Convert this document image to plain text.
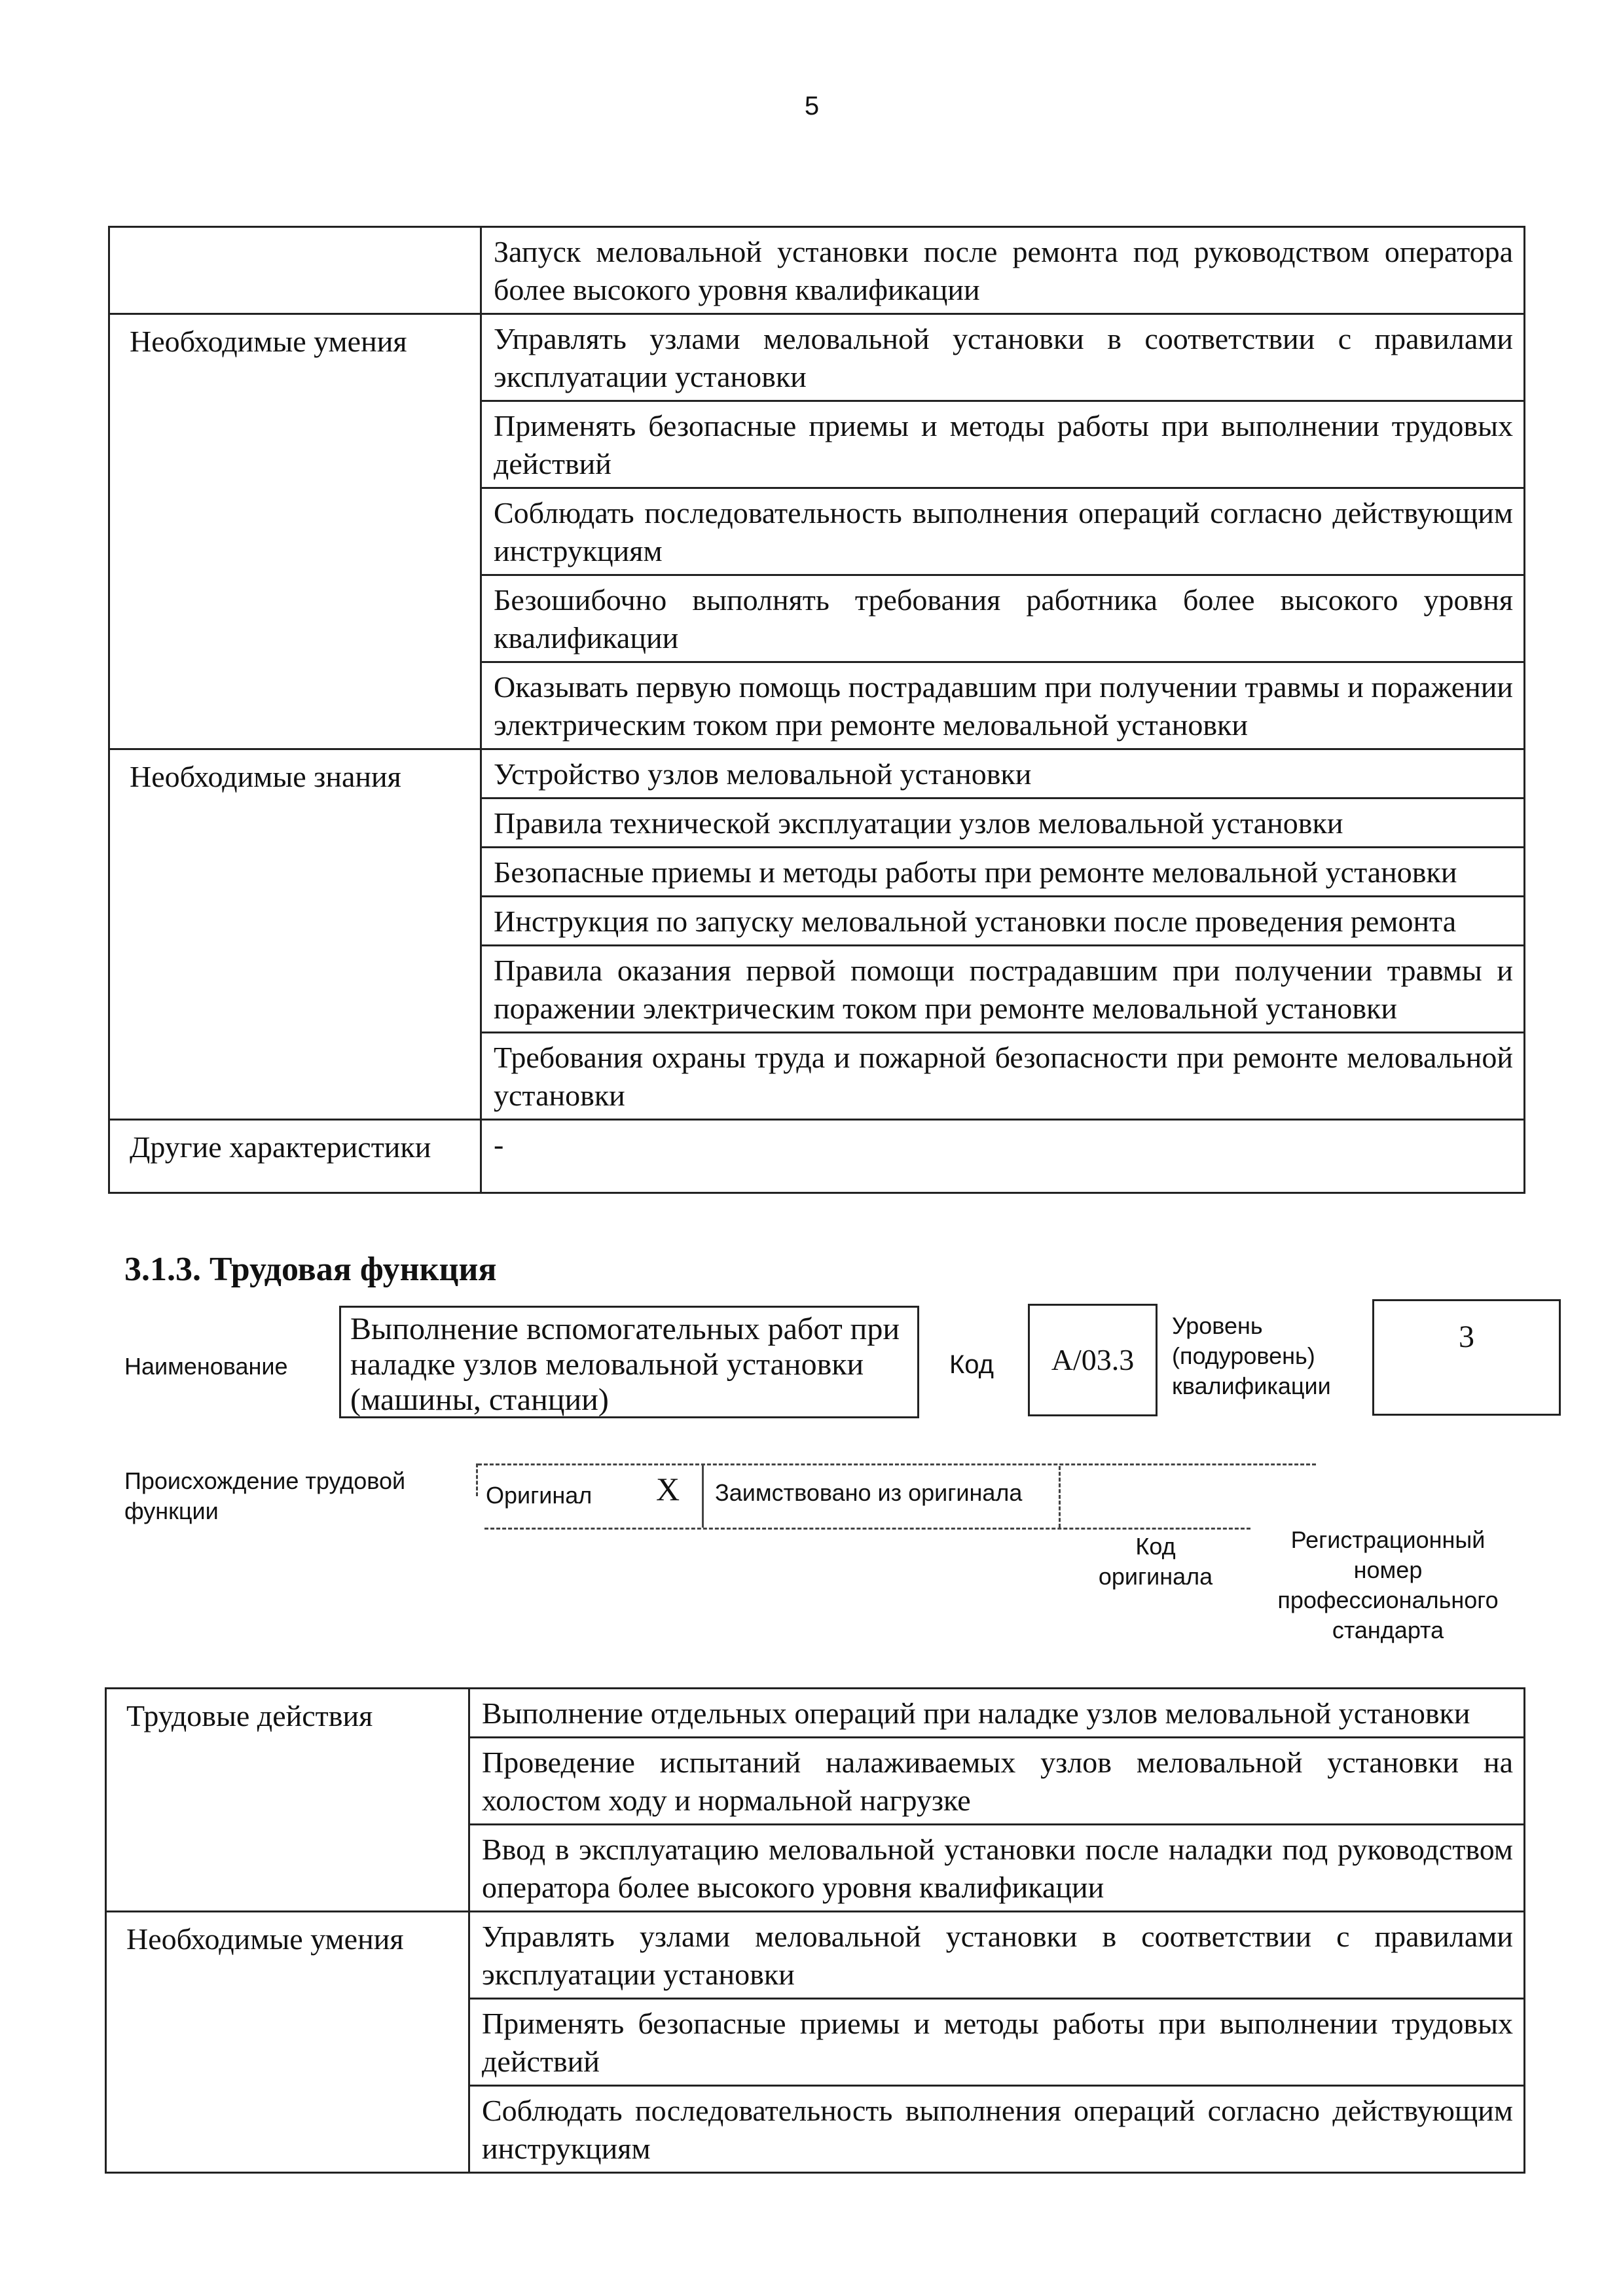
5
	Запуск меловальной установки после ремонта под руководством оператора более высокого уровня квалификации
Необходимые умения	Управлять узлами меловальной установки в соответствии с правилами эксплуатации установки
	Применять безопасные приемы и методы работы при выполнении трудовых действий
	Соблюдать последовательность выполнения операций согласно действующим инструкциям
	Безошибочно выполнять требования работника более высокого уровня квалификации
	Оказывать первую помощь пострадавшим при получении травмы и поражении электрическим током при ремонте меловальной установки
Необходимые знания	Устройство узлов меловальной установки
	Правила технической эксплуатации узлов меловальной установки
	Безопасные приемы и методы работы при ремонте меловальной установки
	Инструкция по запуску меловальной установки после проведения ремонта
	Правила оказания первой помощи пострадавшим при получении травмы и поражении электрическим током при ремонте меловальной установки
	Требования охраны труда и пожарной безопасности при ремонте меловальной установки
Другие характеристики	-
3.1.3. Трудовая функция
Наименование
Выполнение вспомогательных работ при наладке узлов меловальной установки (машины, станции)
Код	A/03.3
Уровень (подуровень) квалификации
3
Происхождение трудовой функции
Оригинал X Заимствовано из оригинала
Код оригинала
Регистрационный номер профессионального стандарта
Трудовые действия	Выполнение отдельных операций при наладке узлов меловальной установки
	Проведение испытаний налаживаемых узлов меловальной установки на холостом ходу и нормальной нагрузке
	Ввод в эксплуатацию меловальной установки после наладки под руководством оператора более высокого уровня квалификации
Необходимые умения	Управлять узлами меловальной установки в соответствии с правилами эксплуатации установки
	Применять безопасные приемы и методы работы при выполнении трудовых действий
	Соблюдать последовательность выполнения операций согласно действующим инструкциям
